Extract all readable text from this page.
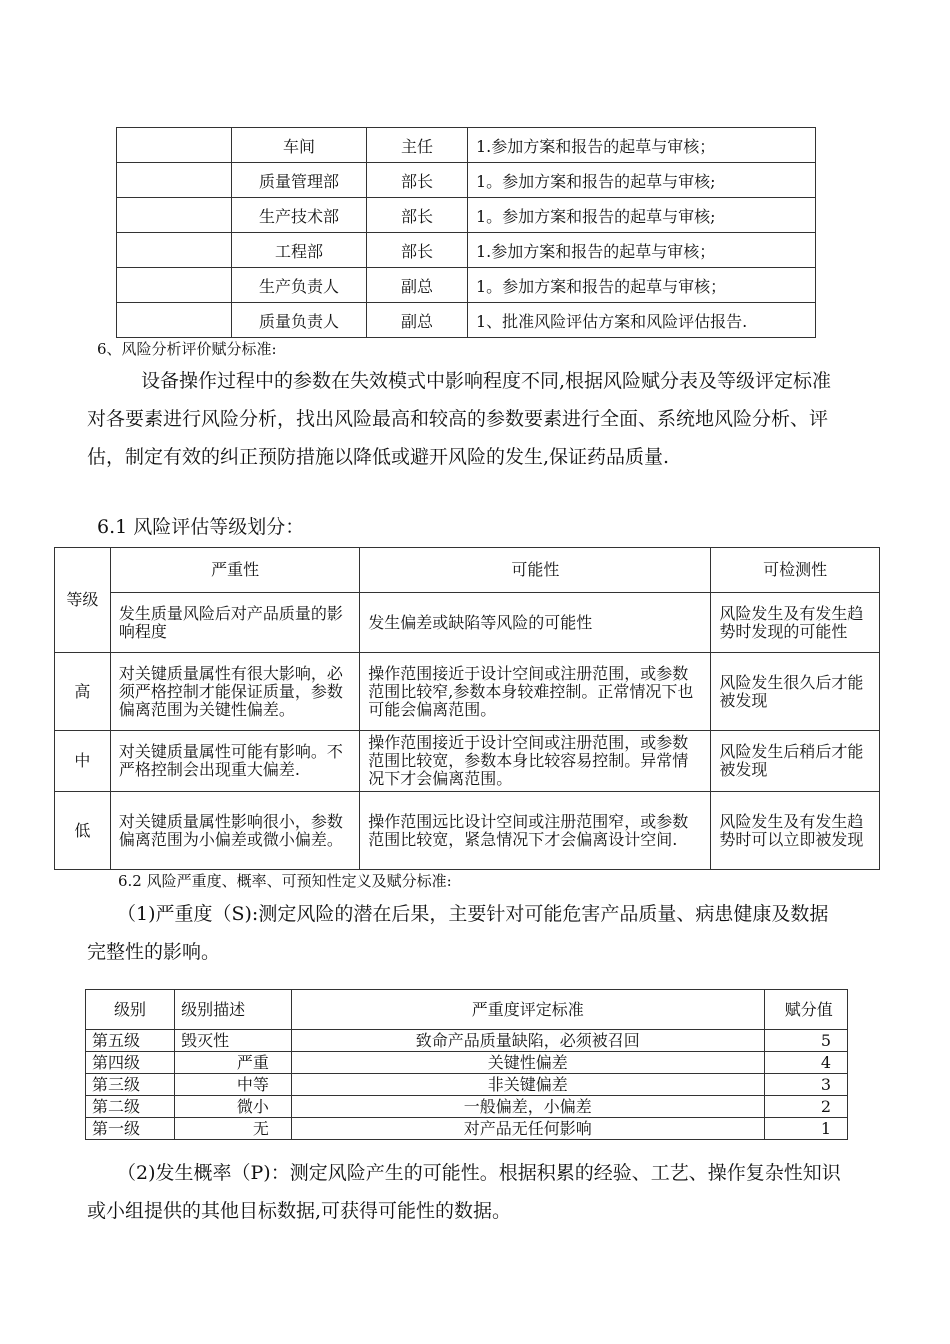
	车间	主任	1.参加方案和报告的起草与审核；
	质量管理部	部长	1。参加方案和报告的起草与审核;
	生产技术部	部长	1。参加方案和报告的起草与审核;
	工程部	部长	1.参加方案和报告的起草与审核；
	生产负责人	副总	1。参加方案和报告的起草与审核；
	质量负责人	副总	1、批准风险评估方案和风险评估报告.

6、风险分析评价赋分标准:

设备操作过程中的参数在失效模式中影响程度不同,根据风险赋分表及等级评定标准对各要素进行风险分析，找出风险最高和较高的参数要素进行全面、系统地风险分析、评估，制定有效的纠正预防措施以降低或避开风险的发生,保证药品质量.

6.1 风险评估等级划分：

等级	严重性	可能性	可检测性
	发生质量风险后对产品质量的影响程度	发生偏差或缺陷等风险的可能性	风险发生及有发生趋势时发现的可能性
高	对关键质量属性有很大影响，必须严格控制才能保证质量，参数偏离范围为关键性偏差。	操作范围接近于设计空间或注册范围，或参数范围比较窄,参数本身较难控制。正常情况下也可能会偏离范围。	风险发生很久后才能被发现
中	对关键质量属性可能有影响。不严格控制会出现重大偏差.	操作范围接近于设计空间或注册范围，或参数范围比较宽，参数本身比较容易控制。异常情况下才会偏离范围。	风险发生后稍后才能被发现
低	对关键质量属性影响很小，参数偏离范围为小偏差或微小偏差。	操作范围远比设计空间或注册范围窄，或参数范围比较宽，紧急情况下才会偏离设计空间.	风险发生及有发生趋势时可以立即被发现

6.2 风险严重度、概率、可预知性定义及赋分标准:

（1)严重度（S):测定风险的潜在后果，主要针对可能危害产品质量、病患健康及数据完整性的影响。

级别	级别描述	严重度评定标准	赋分值
第五级	毁灭性	致命产品质量缺陷，必须被召回	5
第四级	严重	关键性偏差	4
第三级	中等	非关键偏差	3
第二级	微小	一般偏差，小偏差	2
第一级	无	对产品无任何影响	1

（2)发生概率（P)：测定风险产生的可能性。根据积累的经验、工艺、操作复杂性知识或小组提供的其他目标数据,可获得可能性的数据。
